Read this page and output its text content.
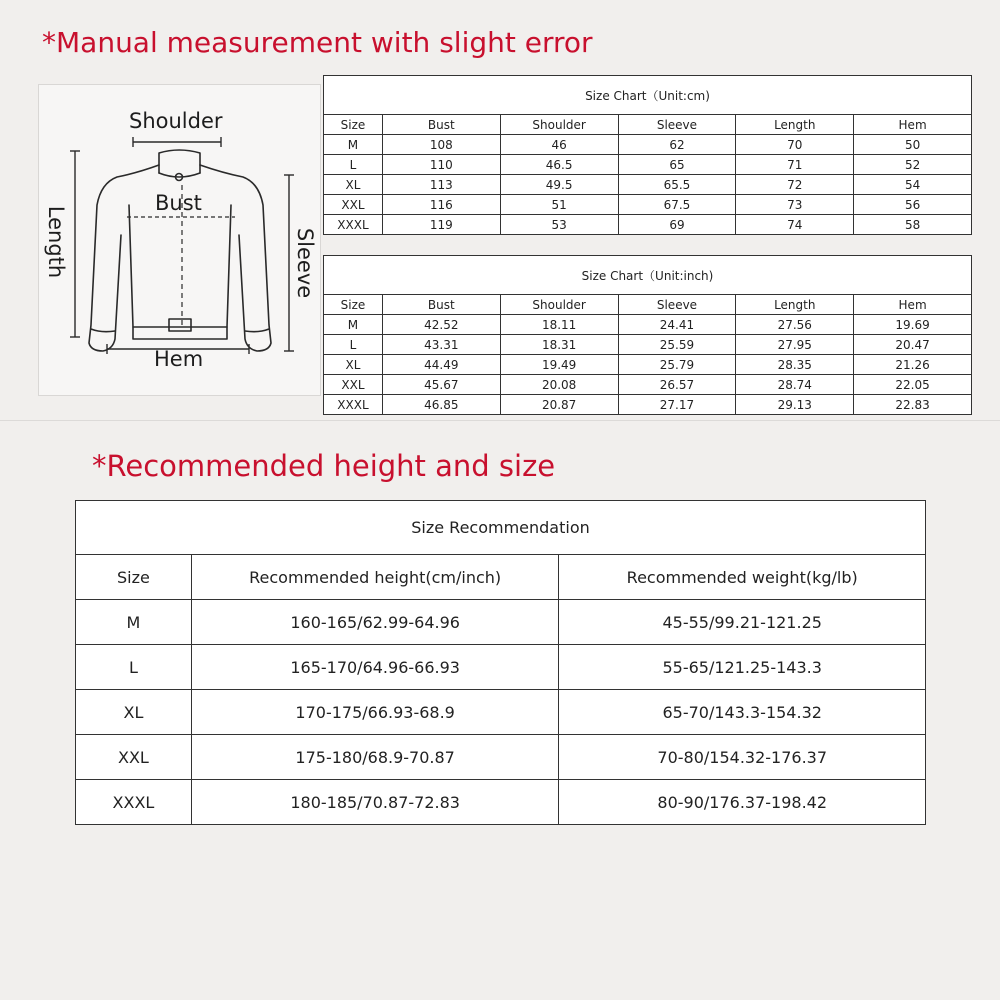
*Manual measurement with slight error
Shoulder
Bust
Length	Sleeve
Hem
Size Chart（Unit:cm)					
Size	Bust	Shoulder	Sleeve	Length	Hem
M	108	46	62	70	50
L	110	46.5	65	71	52
XL	113	49.5	65.5	72	54
XXL	116	51	67.5	73	56
XXXL	119	53	69	74	58
Size Chart（Unit:inch)					
Size	Bust	Shoulder	Sleeve	Length	Hem
M	42.52	18.11	24.41	27.56	19.69
L	43.31	18.31	25.59	27.95	20.47
XL	44.49	19.49	25.79	28.35	21.26
XXL	45.67	20.08	26.57	28.74	22.05
XXXL	46.85	20.87	27.17	29.13	22.83
*Recommended height and size
Size Recommendation		
Size	Recommended height(cm/inch)	Recommended weight(kg/lb)
M	160-165/62.99-64.96	45-55/99.21-121.25
L	165-170/64.96-66.93	55-65/121.25-143.3
XL	170-175/66.93-68.9	65-70/143.3-154.32
XXL	175-180/68.9-70.87	70-80/154.32-176.37
XXXL	180-185/70.87-72.83	80-90/176.37-198.42
